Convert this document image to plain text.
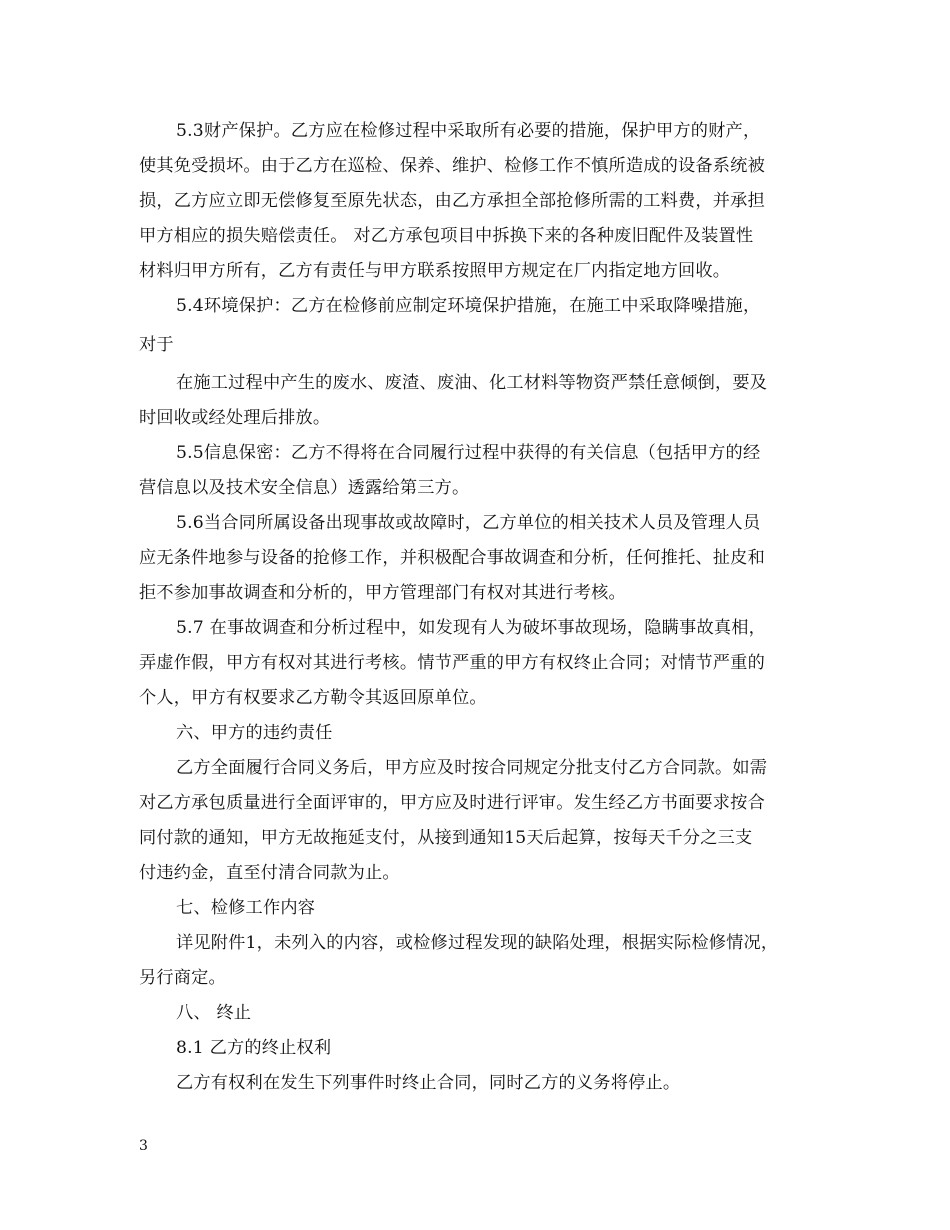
5.3财产保护。乙方应在检修过程中采取所有必要的措施，保护甲方的财产，
使其免受损坏。由于乙方在巡检、保养、维护、检修工作不慎所造成的设备系统被
损，乙方应立即无偿修复至原先状态，由乙方承担全部抢修所需的工料费，并承担
甲方相应的损失赔偿责任。 对乙方承包项目中拆换下来的各种废旧配件及装置性
材料归甲方所有，乙方有责任与甲方联系按照甲方规定在厂内指定地方回收。
5.4环境保护：乙方在检修前应制定环境保护措施，在施工中采取降噪措施，
对于
在施工过程中产生的废水、废渣、废油、化工材料等物资严禁任意倾倒，要及
时回收或经处理后排放。
5.5信息保密：乙方不得将在合同履行过程中获得的有关信息（包括甲方的经
营信息以及技术安全信息）透露给第三方。
5.6当合同所属设备出现事故或故障时，乙方单位的相关技术人员及管理人员
应无条件地参与设备的抢修工作，并积极配合事故调查和分析，任何推托、扯皮和
拒不参加事故调查和分析的，甲方管理部门有权对其进行考核。
5.7 在事故调查和分析过程中，如发现有人为破坏事故现场，隐瞒事故真相，
弄虚作假，甲方有权对其进行考核。情节严重的甲方有权终止合同；对情节严重的
个人，甲方有权要求乙方勒令其返回原单位。
六、甲方的违约责任
乙方全面履行合同义务后，甲方应及时按合同规定分批支付乙方合同款。如需
对乙方承包质量进行全面评审的，甲方应及时进行评审。发生经乙方书面要求按合
同付款的通知，甲方无故拖延支付，从接到通知15天后起算，按每天千分之三支
付违约金，直至付清合同款为止。
七、检修工作内容
详见附件1，未列入的内容，或检修过程发现的缺陷处理，根据实际检修情况，
另行商定。
八、 终止
8.1 乙方的终止权利
乙方有权利在发生下列事件时终止合同，同时乙方的义务将停止。
3
